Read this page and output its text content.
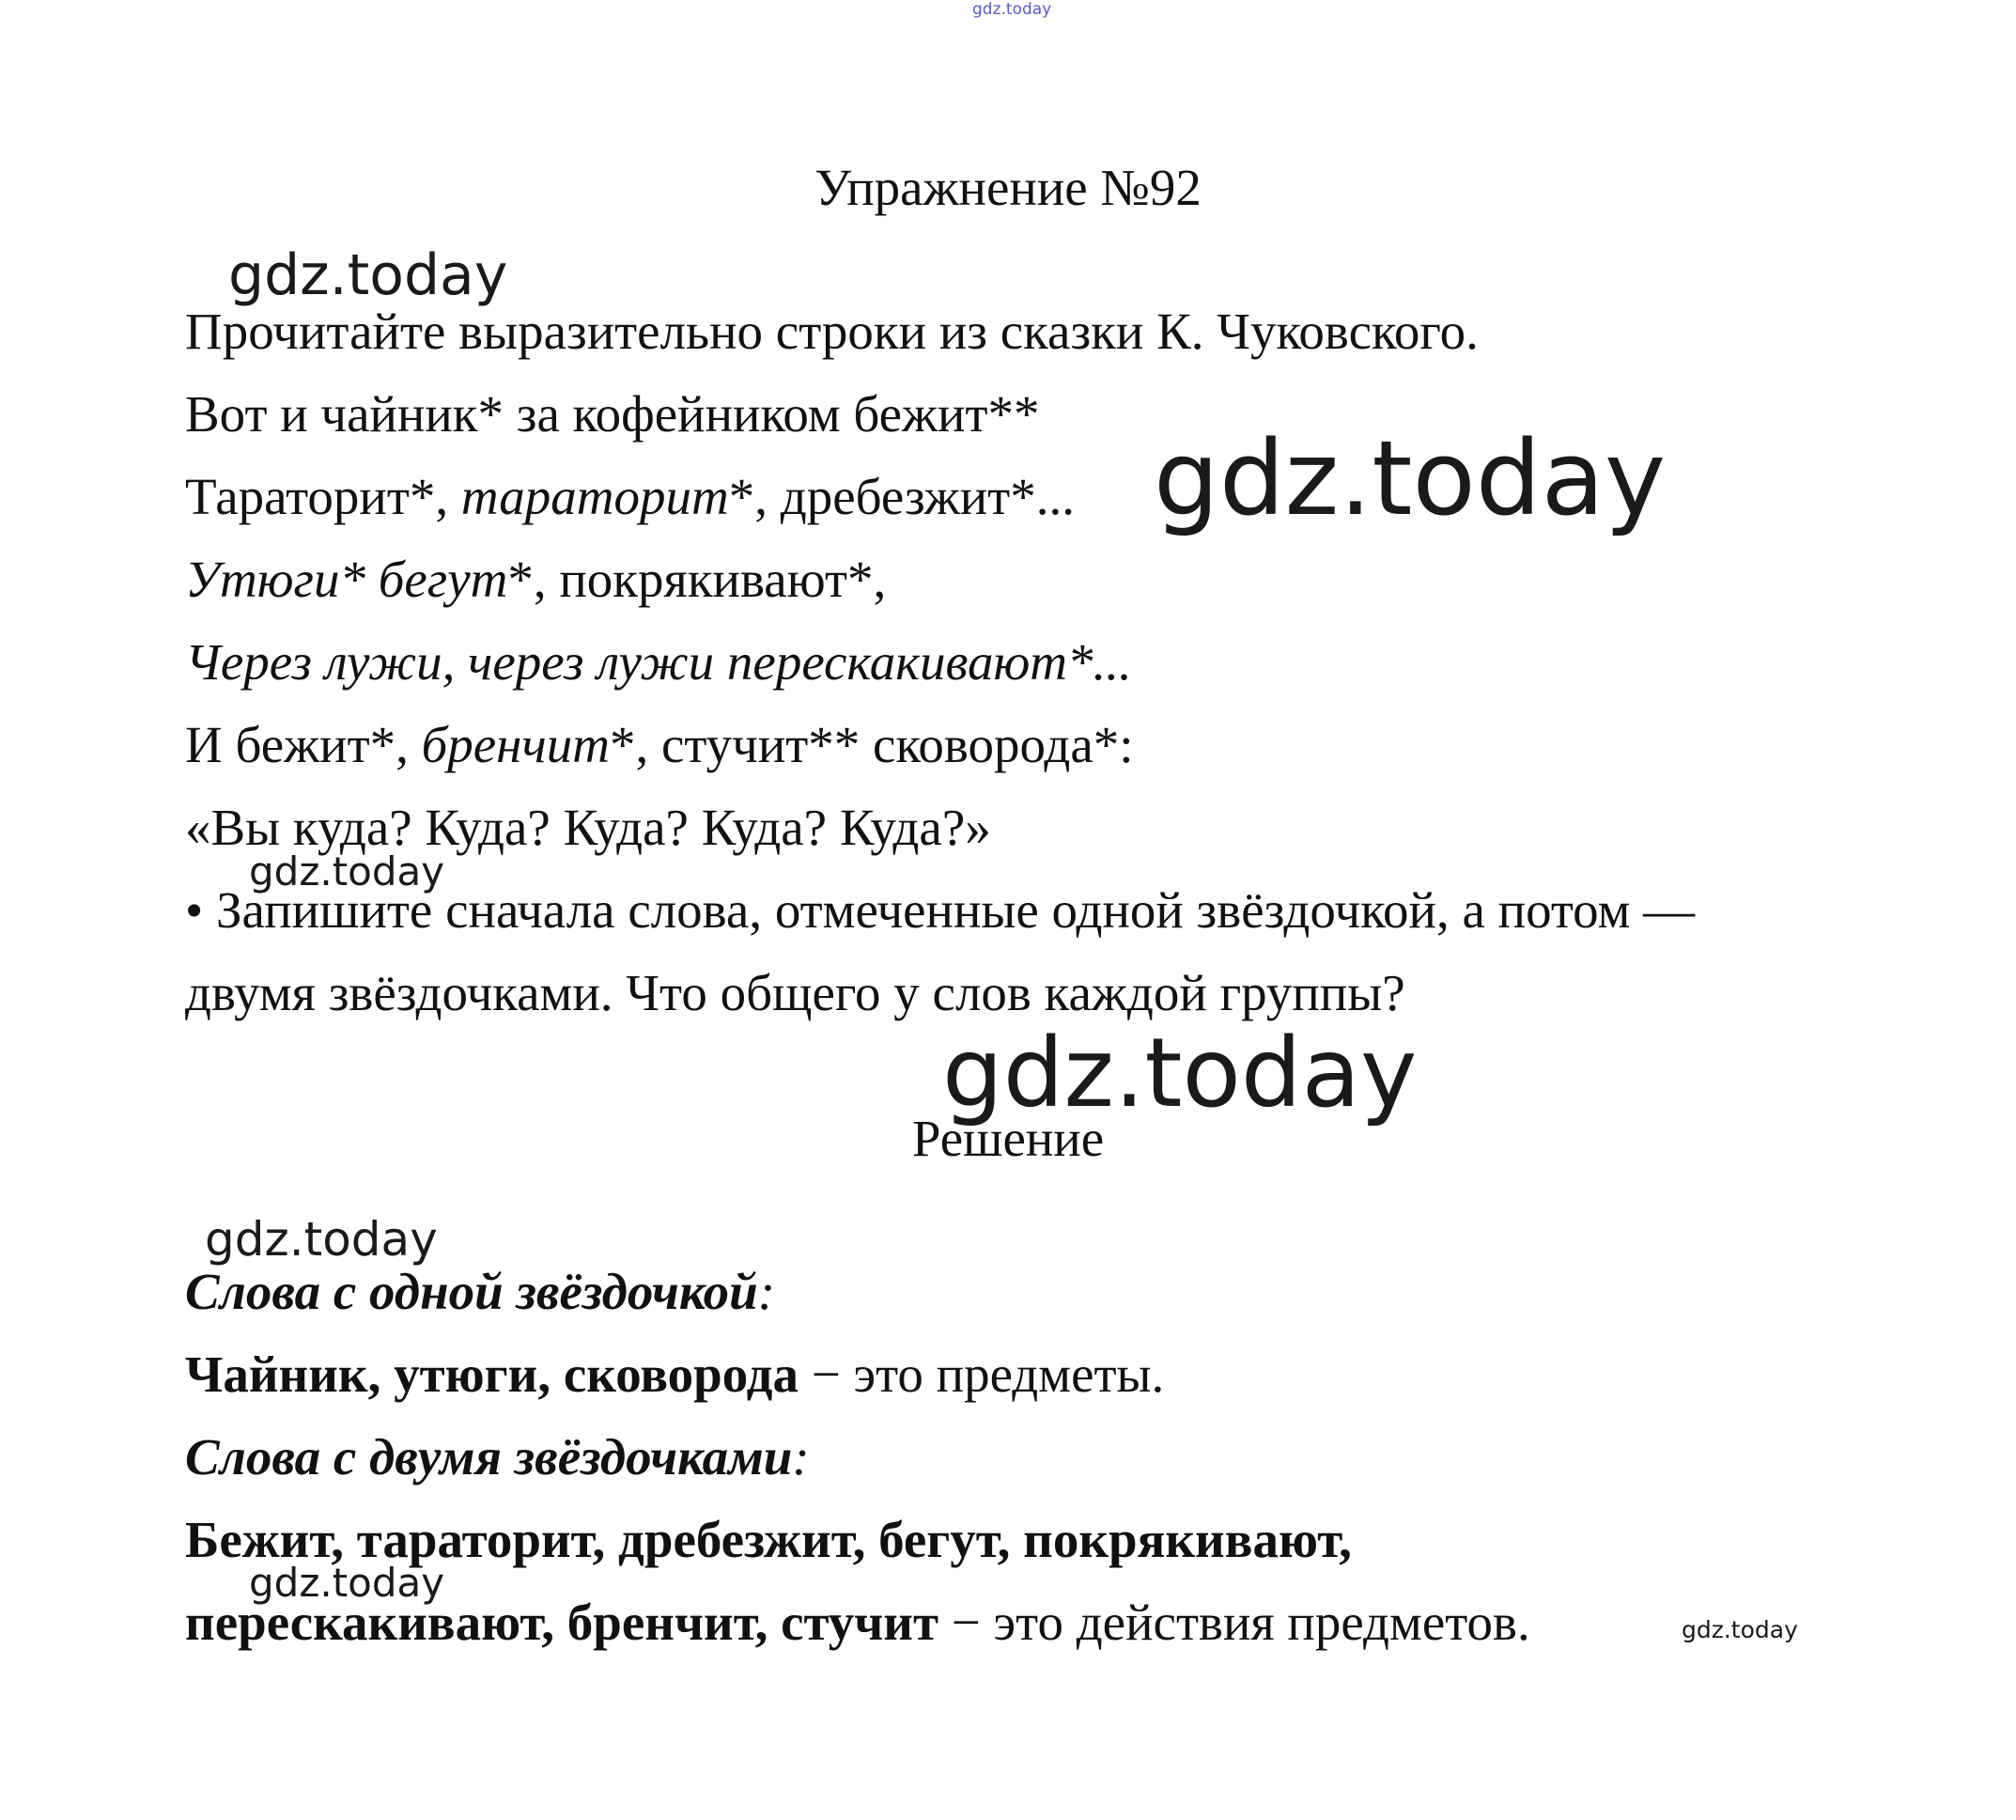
gdz.today
Упражнение №92
gdz.today
Прочитайте выразительно строки из сказки К. Чуковского.
Вот и чайник* за кофейником бежит**
Тараторит*, тараторит*, дребезжит*... gdz.today
Утюги* бегут*, покрякивают*,
Через лужи, через лужи перескакивают*...
И бежит*, бренчит*, стучит** сковорода*:
«Вы куда? Куда? Куда? Куда? Куда?»
gdz.today
• Запишите сначала слова, отмеченные одной звёздочкой, а потом —
двумя звёздочками. Что общего у слов каждой группы?
gdz.today
Решение
gdz.today
Слова с одной звёздочкой:
Чайник, утюги, сковорода − это предметы.
Слова с двумя звёздочками:
Бежит, тараторит, дребезжит, бегут, покрякивают,
gdz.today
перескакивают, бренчит, стучит − это действия предметов.	gdz.today
